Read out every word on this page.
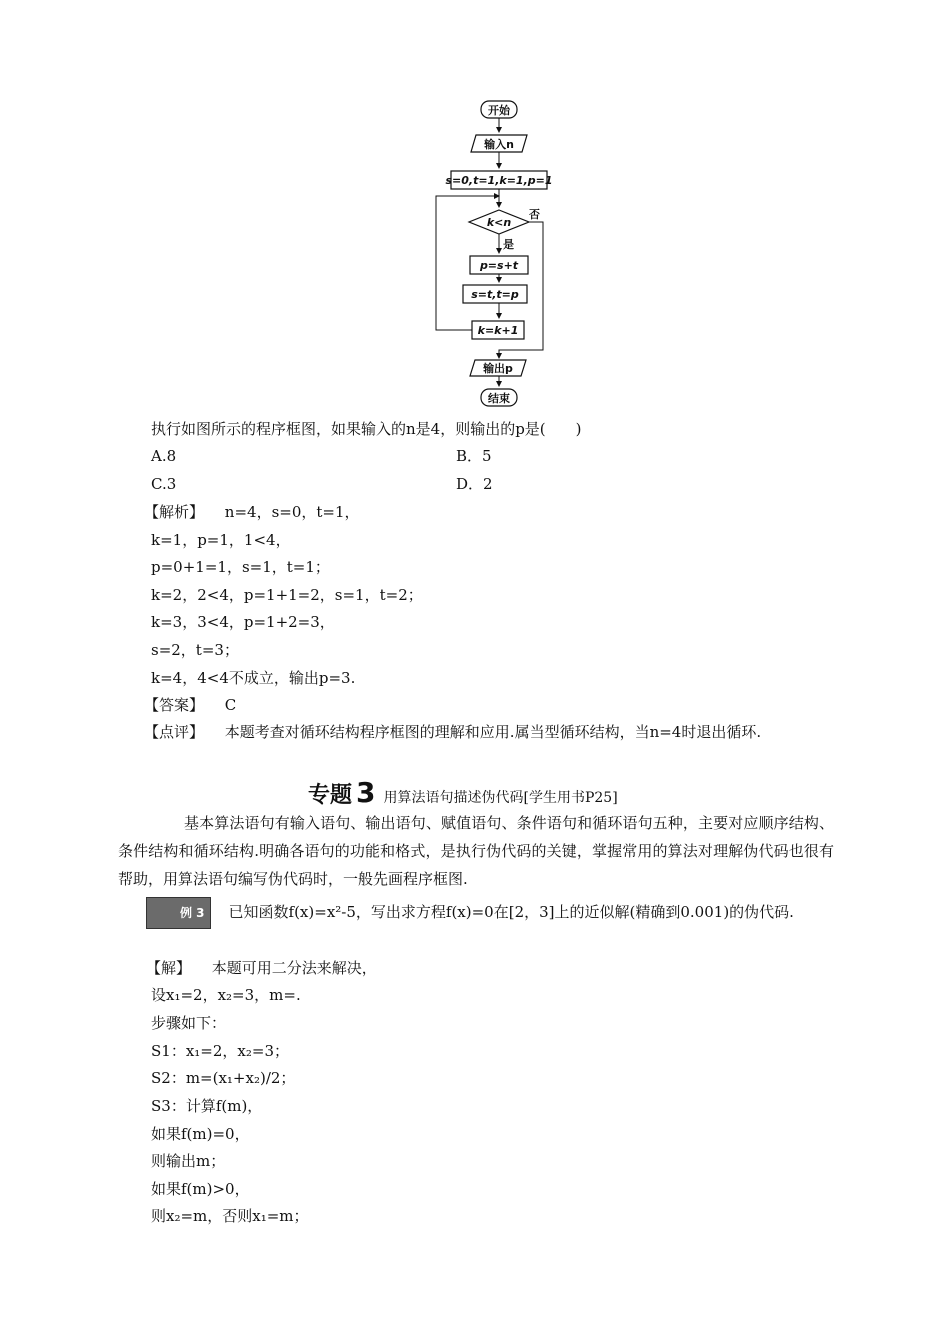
开始
输入n
s=0,t=1,k=1,p=1
k<n
否
是
p=s+t
s=t,t=p
k=k+1
输出p
结束
执行如图所示的程序框图，如果输入的n是4，则输出的p是(　　)
A.8	B．5
C.3	D．2
【解析】 n=4，s=0，t=1，
k=1，p=1，1<4，
p=0+1=1，s=1，t=1；
k=2，2<4，p=1+1=2，s=1，t=2；
k=3，3<4，p=1+2=3，
s=2，t=3；
k=4，4<4不成立，输出p=3.
【答案】 C
【点评】 本题考查对循环结构程序框图的理解和应用.属当型循环结构，当n=4时退出循环.
专题 3 用算法语句描述伪代码[学生用书P25]
基本算法语句有输入语句、输出语句、赋值语句、条件语句和循环语句五种，主要对应顺序结构、条件结构和循环结构.明确各语句的功能和格式，是执行伪代码的关键，掌握常用的算法对理解伪代码也很有帮助，用算法语句编写伪代码时，一般先画程序框图.
例 3 已知函数f(x)=x²-5，写出求方程f(x)=0在[2，3]上的近似解(精确到0.001)的伪代码.
【解】 本题可用二分法来解决，
设x₁=2，x₂=3，m=.
步骤如下：
S1：x₁=2，x₂=3；
S2：m=(x₁+x₂)/2；
S3：计算f(m)，
如果f(m)=0，
则输出m；
如果f(m)>0，
则x₂=m，否则x₁=m；
